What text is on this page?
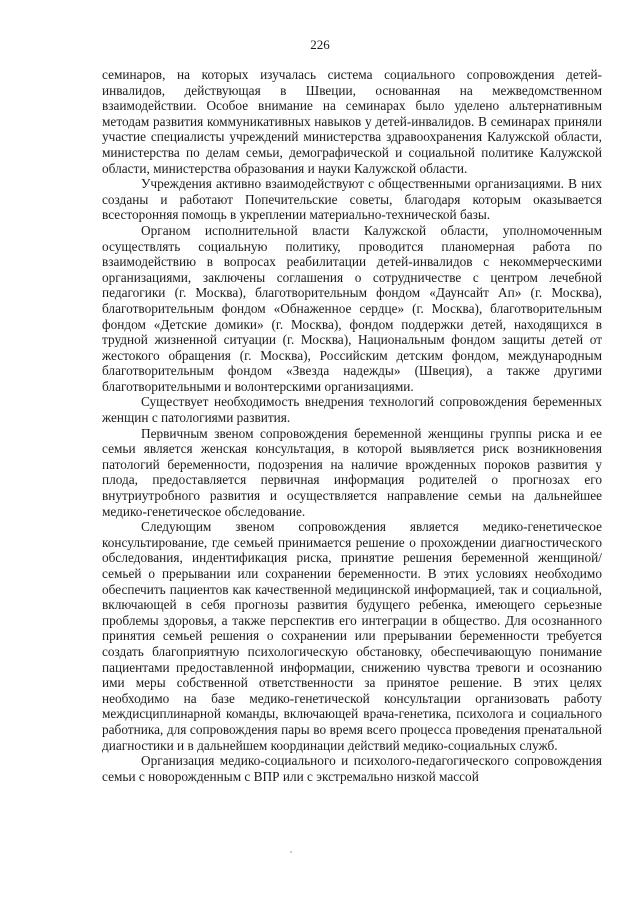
226

семинаров, на которых изучалась система социального сопровождения детей-инвалидов, действующая в Швеции, основанная на межведомственном взаимодействии. Особое внимание на семинарах было уделено альтернативным методам развития коммуникативных навыков у детей-инвалидов. В семинарах приняли участие специалисты учреждений министерства здравоохранения Калужской области, министерства по делам семьи, демографической и социальной политике Калужской области, министерства образования и науки Калужской области.

Учреждения активно взаимодействуют с общественными организациями. В них созданы и работают Попечительские советы, благодаря которым оказывается всесторонняя помощь в укреплении материально-технической базы.

Органом исполнительной власти Калужской области, уполномоченным осуществлять социальную политику, проводится планомерная работа по взаимодействию в вопросах реабилитации детей-инвалидов с некоммерческими организациями, заключены соглашения о сотрудничестве с центром лечебной педагогики (г. Москва), благотворительным фондом «Даунсайт Ап» (г. Москва), благотворительным фондом «Обнаженное сердце» (г. Москва), благотворительным фондом «Детские домики» (г. Москва), фондом поддержки детей, находящихся в трудной жизненной ситуации (г. Москва), Национальным фондом защиты детей от жестокого обращения (г. Москва), Российским детским фондом, международным благотворительным фондом «Звезда надежды» (Швеция), а также другими благотворительными и волонтерскими организациями.

Существует необходимость внедрения технологий сопровождения беременных женщин с патологиями развития.

Первичным звеном сопровождения беременной женщины группы риска и ее семьи является женская консультация, в которой выявляется риск возникновения патологий беременности, подозрения на наличие врожденных пороков развития у плода, предоставляется первичная информация родителей о прогнозах его внутриутробного развития и осуществляется направление семьи на дальнейшее медико-генетическое обследование.

Следующим звеном сопровождения является медико-генетическое консультирование, где семьей принимается решение о прохождении диагностического обследования, индентификация риска, принятие решения беременной женщиной/семьей о прерывании или сохранении беременности. В этих условиях необходимо обеспечить пациентов как качественной медицинской информацией, так и социальной, включающей в себя прогнозы развития будущего ребенка, имеющего серьезные проблемы здоровья, а также перспектив его интеграции в общество. Для осознанного принятия семьей решения о сохранении или прерывании беременности требуется создать благоприятную психологическую обстановку, обеспечивающую понимание пациентами предоставленной информации, снижению чувства тревоги и осознанию ими меры собственной ответственности за принятое решение. В этих целях необходимо на базе медико-генетической консультации организовать работу междисциплинарной команды, включающей врача-генетика, психолога и социального работника, для сопровождения пары во время всего процесса проведения пренатальной диагностики и в дальнейшем координации действий медико-социальных служб.

Организация медико-социального и психолого-педагогического сопровождения семьи с новорожденным с ВПР или с экстремально низкой массой
